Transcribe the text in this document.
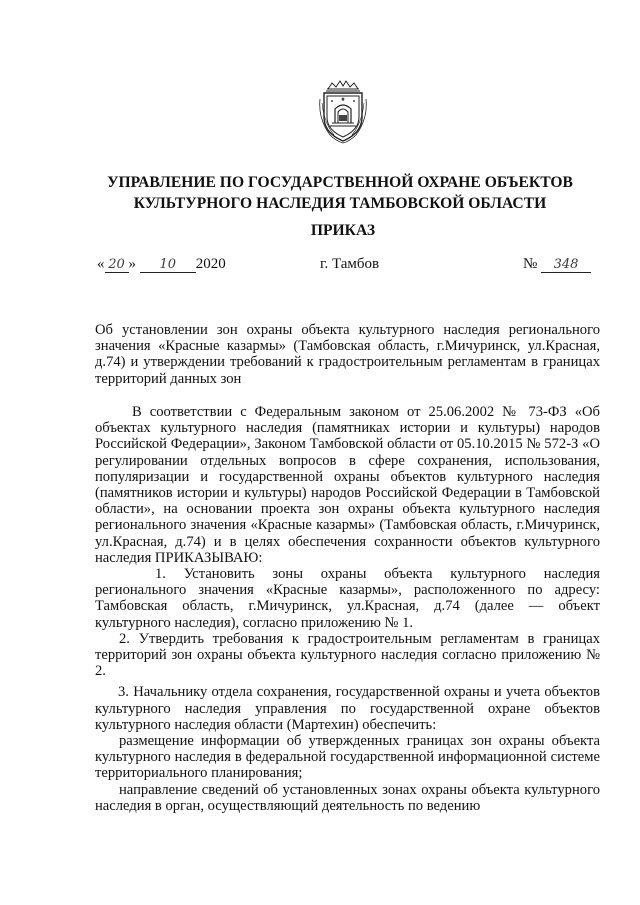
УПРАВЛЕНИЕ ПО ГОСУДАРСТВЕННОЙ ОХРАНЕ ОБЪЕКТОВ
КУЛЬТУРНОГО НАСЛЕДИЯ ТАМБОВСКОЙ ОБЛАСТИ
ПРИКАЗ
« 20 » 10 2020	г. Тамбов	№ 348
Об установлении зон охраны объекта культурного наследия регионального значения «Красные казармы» (Тамбовская область, г.Мичуринск, ул.Красная, д.74) и утверждении требований к градостроительным регламентам в границах территорий данных зон

В соответствии с Федеральным законом от 25.06.2002 № 73-ФЗ «Об объектах культурного наследия (памятниках истории и культуры) народов Российской Федерации», Законом Тамбовской области от 05.10.2015 № 572-З «О регулировании отдельных вопросов в сфере сохранения, использования, популяризации и государственной охраны объектов культурного наследия (памятников истории и культуры) народов Российской Федерации в Тамбовской области», на основании проекта зон охраны объекта культурного наследия регионального значения «Красные казармы» (Тамбовская область, г.Мичуринск, ул.Красная, д.74) и в целях обеспечения сохранности объектов культурного наследия ПРИКАЗЫВАЮ:

1. Установить зоны охраны объекта культурного наследия регионального значения «Красные казармы», расположенного по адресу: Тамбовская область, г.Мичуринск, ул.Красная, д.74 (далее — объект культурного наследия), согласно приложению № 1.

2. Утвердить требования к градостроительным регламентам в границах территорий зон охраны объекта культурного наследия согласно приложению № 2.

3. Начальнику отдела сохранения, государственной охраны и учета объектов культурного наследия управления по государственной охране объектов культурного наследия области (Мартехин) обеспечить:

размещение информации об утвержденных границах зон охраны объекта культурного наследия в федеральной государственной информационной системе территориального планирования;

направление сведений об установленных зонах охраны объекта культурного наследия в орган, осуществляющий деятельность по ведению
